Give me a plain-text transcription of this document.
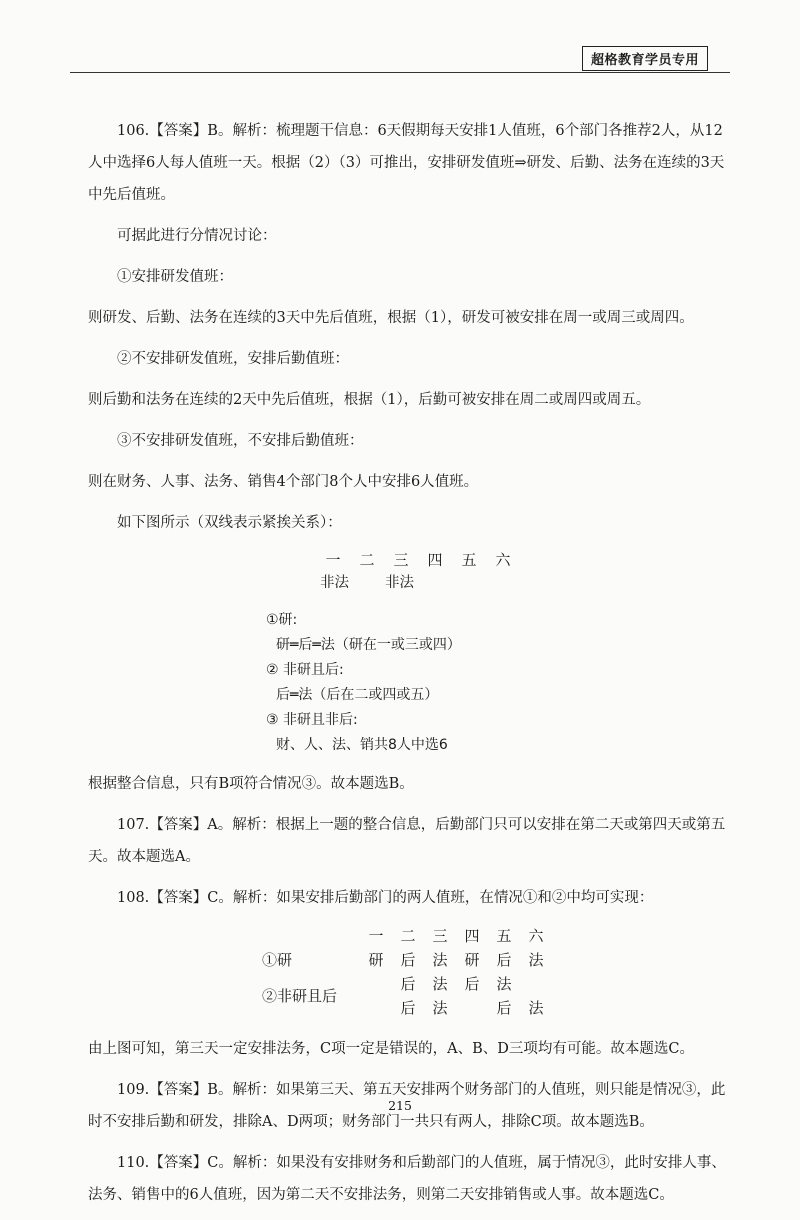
超格教育学员专用

106.【答案】B。解析：梳理题干信息：6天假期每天安排1人值班，6个部门各推荐2人，从12人中选择6人每人值班一天。根据（2）（3）可推出，安排研发值班⇒研发、后勤、法务在连续的3天中先后值班。

可据此进行分情况讨论：

①安排研发值班：

则研发、后勤、法务在连续的3天中先后值班，根据（1），研发可被安排在周一或周三或周四。

②不安排研发值班，安排后勤值班：

则后勤和法务在连续的2天中先后值班，根据（1），后勤可被安排在周二或周四或周五。

③不安排研发值班，不安排后勤值班：

则在财务、人事、法务、销售4个部门8个人中安排6人值班。

如下图所示（双线表示紧挨关系）：

一 二 三 四 五 六
非法 非法
①研:
研═后═法（研在一或三或四）
② 非研且后:
后═法（后在二或四或五）
③ 非研且非后:
财、人、法、销共8人中选6

根据整合信息，只有B项符合情况③。故本题选B。

107.【答案】A。解析：根据上一题的整合信息，后勤部门只可以安排在第二天或第四天或第五天。故本题选A。

108.【答案】C。解析：如果安排后勤部门的两人值班，在情况①和②中均可实现：

	一	二	三	四	五	六
①研	研	后	法	研	后	法
②非研且后		后	法	后	法	
		后	法		后	法

由上图可知，第三天一定安排法务，C项一定是错误的，A、B、D三项均有可能。故本题选C。

109.【答案】B。解析：如果第三天、第五天安排两个财务部门的人值班，则只能是情况③，此时不安排后勤和研发，排除A、D两项；财务部门一共只有两人，排除C项。故本题选B。

110.【答案】C。解析：如果没有安排财务和后勤部门的人值班，属于情况③，此时安排人事、法务、销售中的6人值班，因为第二天不安排法务，则第二天安排销售或人事。故本题选C。

215
